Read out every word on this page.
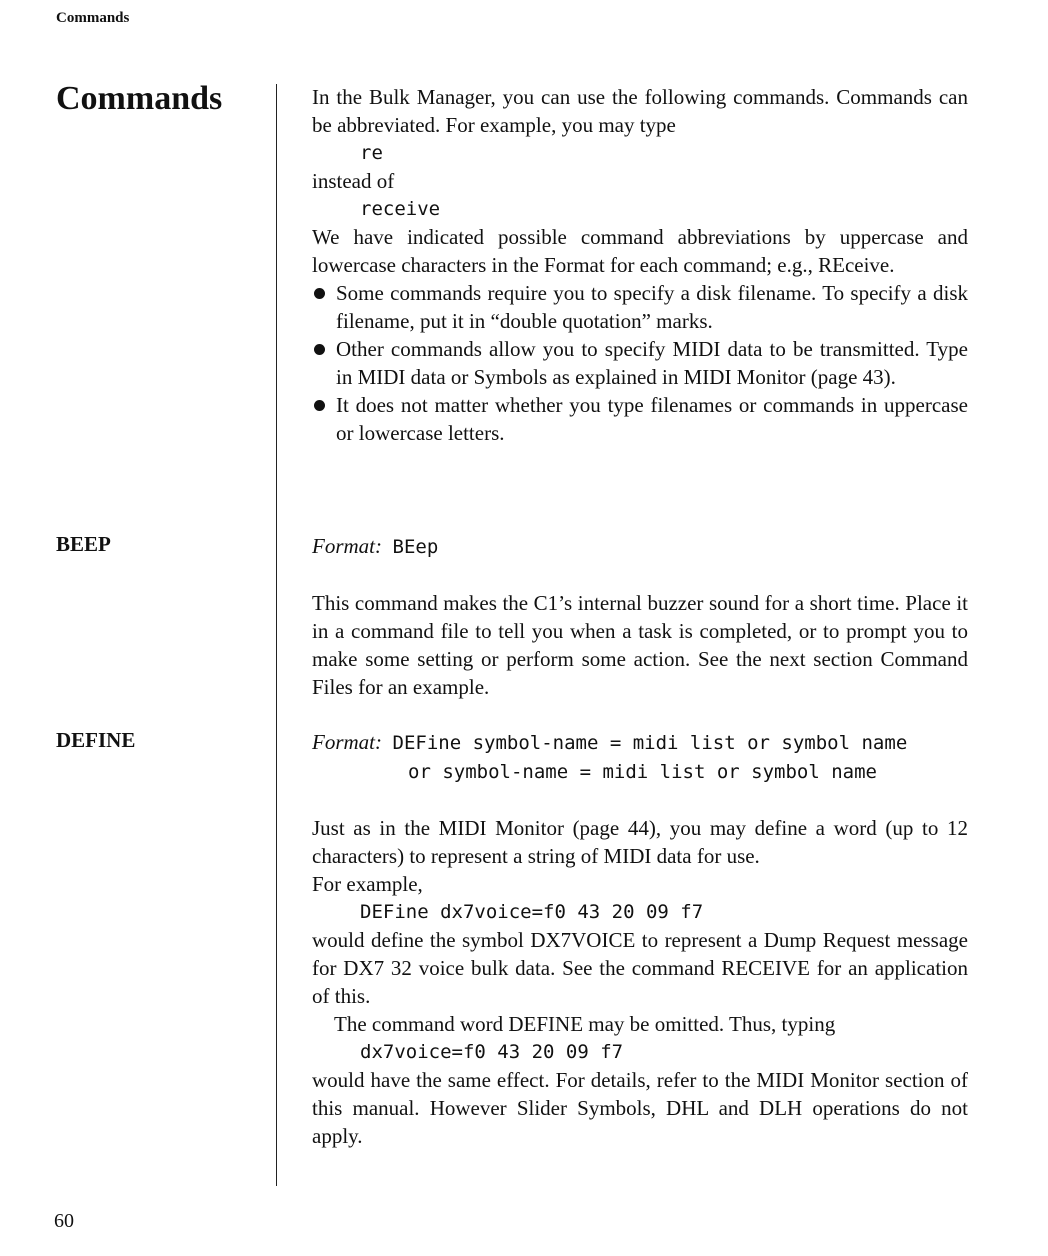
Commands
Commands
BEEP
DEFINE

In the Bulk Manager, you can use the following commands. Commands can be abbreviated. For example, you may type

re

instead of

receive

We have indicated possible command abbreviations by uppercase and lowercase characters in the Format for each command; e.g., REceive.

Some commands require you to specify a disk filename. To specify a disk filename, put it in “double quotation” marks.
Other commands allow you to specify MIDI data to be transmitted. Type in MIDI data or Symbols as explained in MIDI Monitor (page 43).
It does not matter whether you type filenames or commands in uppercase or lowercase letters.

Format: BEep

This command makes the C1’s internal buzzer sound for a short time. Place it in a command file to tell you when a task is completed, or to prompt you to make some setting or perform some action. See the next section Command Files for an example.

Format: DEFine symbol-name = midi list or symbol name

or symbol-name = midi list or symbol name

Just as in the MIDI Monitor (page 44), you may define a word (up to 12 characters) to represent a string of MIDI data for use.

For example,

DEFine dx7voice=f0 43 20 09 f7

would define the symbol DX7VOICE to represent a Dump Request message for DX7 32 voice bulk data. See the command RECEIVE for an application of this.

The command word DEFINE may be omitted. Thus, typing

dx7voice=f0 43 20 09 f7

would have the same effect. For details, refer to the MIDI Monitor section of this manual. However Slider Symbols, DHL and DLH operations do not apply.

60
